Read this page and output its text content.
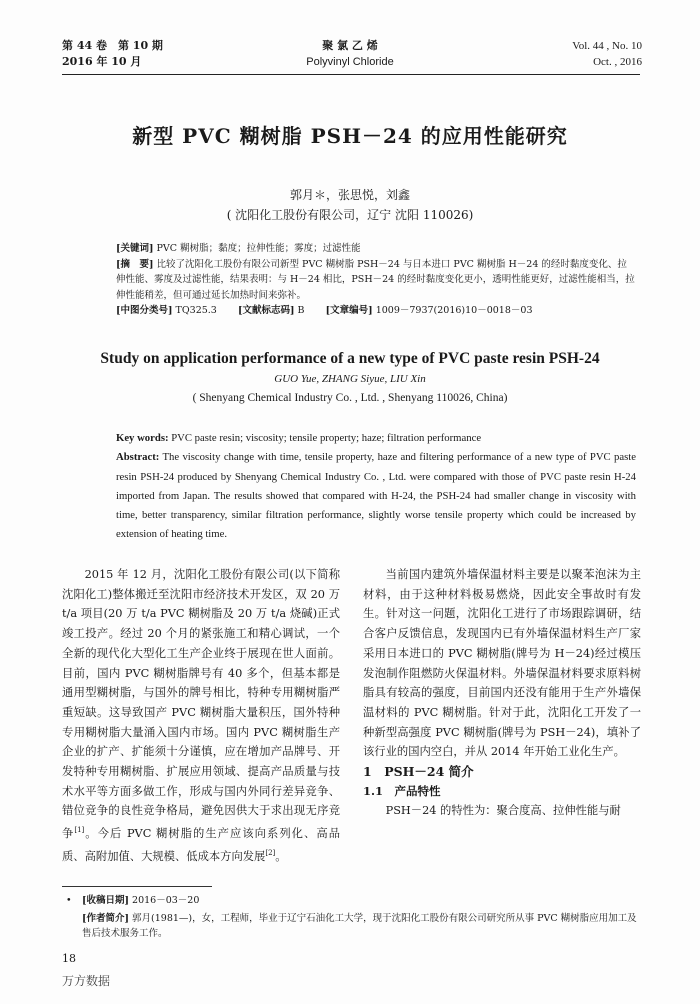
第 44 卷　第 10 期
2016 年 10 月
聚 氯 乙 烯
Polyvinyl Chloride
Vol. 44 , No. 10
Oct. , 2016
新型 PVC 糊树脂 PSH－24 的应用性能研究
郭月＊，张思悦，刘鑫
( 沈阳化工股份有限公司，辽宁 沈阳 110026)
[关键词] PVC 糊树脂；黏度；拉伸性能；雾度；过滤性能
[摘　要] 比较了沈阳化工股份有限公司新型 PVC 糊树脂 PSH－24 与日本进口 PVC 糊树脂 H－24 的经时黏度变化、拉伸性能、雾度及过滤性能，结果表明：与 H－24 相比，PSH－24 的经时黏度变化更小，透明性能更好，过滤性能相当，拉伸性能稍差，但可通过延长加热时间来弥补。
[中图分类号] TQ325.3 [文献标志码] B [文章编号] 1009－7937(2016)10－0018－03
Study on application performance of a new type of PVC paste resin PSH-24
GUO Yue, ZHANG Siyue, LIU Xin
( Shenyang Chemical Industry Co. , Ltd. , Shenyang 110026, China)
Key words: PVC paste resin; viscosity; tensile property; haze; filtration performance
Abstract: The viscosity change with time, tensile property, haze and filtering performance of a new type of PVC paste resin PSH-24 produced by Shenyang Chemical Industry Co. , Ltd. were compared with those of PVC paste resin H-24 imported from Japan. The results showed that compared with H-24, the PSH-24 had smaller change in viscosity with time, better transparency, similar filtration performance, slightly worse tensile property which could be increased by extension of heating time.

2015 年 12 月，沈阳化工股份有限公司(以下简称沈阳化工)整体搬迁至沈阳市经济技术开发区，双 20 万 t/a 项目(20 万 t/a PVC 糊树脂及 20 万 t/a 烧碱)正式竣工投产。经过 20 个月的紧张施工和精心调试，一个全新的现代化大型化工生产企业终于展现在世人面前。目前，国内 PVC 糊树脂牌号有 40 多个，但基本都是通用型糊树脂，与国外的牌号相比，特种专用糊树脂严重短缺。这导致国产 PVC 糊树脂大量积压，国外特种专用糊树脂大量涌入国内市场。国内 PVC 糊树脂生产企业的扩产、扩能须十分谨慎，应在增加产品牌号、开发特种专用糊树脂、扩展应用领域、提高产品质量与技术水平等方面多做工作，形成与国内外同行差异竞争、错位竞争的良性竞争格局，避免因供大于求出现无序竞争[1]。今后 PVC 糊树脂的生产应该向系列化、高品质、高附加值、大规模、低成本方向发展[2]。

当前国内建筑外墙保温材料主要是以聚苯泡沫为主材料，由于这种材料极易燃烧，因此安全事故时有发生。针对这一问题，沈阳化工进行了市场跟踪调研，结合客户反馈信息，发现国内已有外墙保温材料生产厂家采用日本进口的 PVC 糊树脂(牌号为 H－24)经过模压发泡制作阻燃防火保温材料。外墙保温材料要求原料树脂具有较高的强度，目前国内还没有能用于生产外墙保温材料的 PVC 糊树脂。针对于此，沈阳化工开发了一种新型高强度 PVC 糊树脂(牌号为 PSH－24)，填补了该行业的国内空白，并从 2014 年开始工业化生产。

1　PSH－24 简介

1.1　产品特性

PSH－24 的特性为：聚合度高、拉伸性能与耐

• [收稿日期] 2016－03－20
[作者简介] 郭月(1981—)，女，工程师，毕业于辽宁石油化工大学，现于沈阳化工股份有限公司研究所从事 PVC 糊树脂应用加工及售后技术服务工作。
18
万方数据
